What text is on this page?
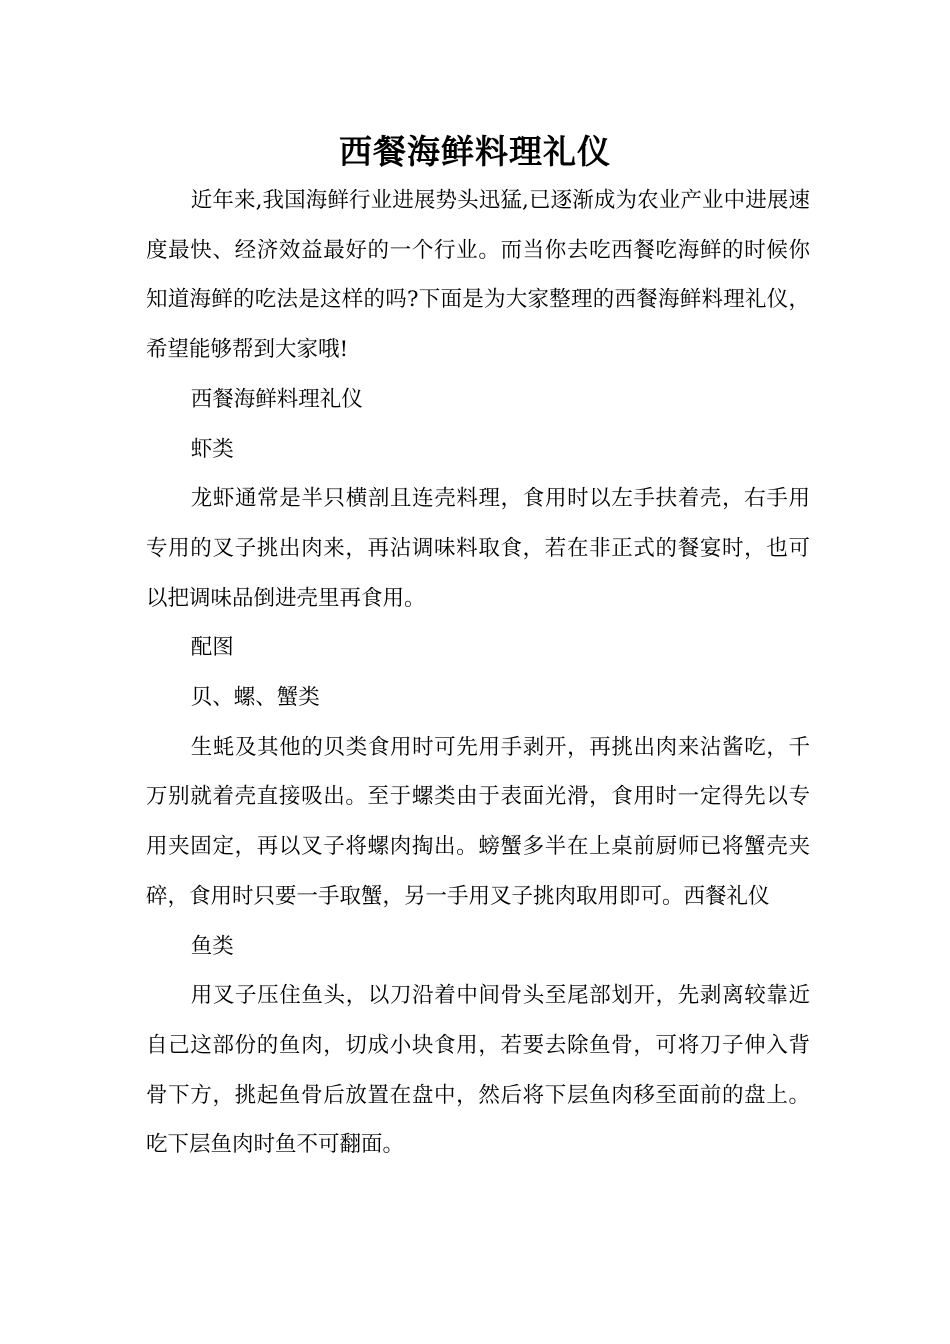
西餐海鲜料理礼仪

近年来,我国海鲜行业进展势头迅猛,已逐渐成为农业产业中进展速度最快、经济效益最好的一个行业。而当你去吃西餐吃海鲜的时候你知道海鲜的吃法是这样的吗?下面是为大家整理的西餐海鲜料理礼仪，希望能够帮到大家哦!

西餐海鲜料理礼仪

虾类

龙虾通常是半只横剖且连壳料理，食用时以左手扶着壳，右手用专用的叉子挑出肉来，再沾调味料取食，若在非正式的餐宴时，也可以把调味品倒进壳里再食用。

配图

贝、螺、蟹类

生蚝及其他的贝类食用时可先用手剥开，再挑出肉来沾酱吃，千万别就着壳直接吸出。至于螺类由于表面光滑，食用时一定得先以专用夹固定，再以叉子将螺肉掏出。螃蟹多半在上桌前厨师已将蟹壳夹碎，食用时只要一手取蟹，另一手用叉子挑肉取用即可。西餐礼仪

鱼类

用叉子压住鱼头，以刀沿着中间骨头至尾部划开，先剥离较靠近自己这部份的鱼肉，切成小块食用，若要去除鱼骨，可将刀子伸入背骨下方，挑起鱼骨后放置在盘中，然后将下层鱼肉移至面前的盘上。吃下层鱼肉时鱼不可翻面。
